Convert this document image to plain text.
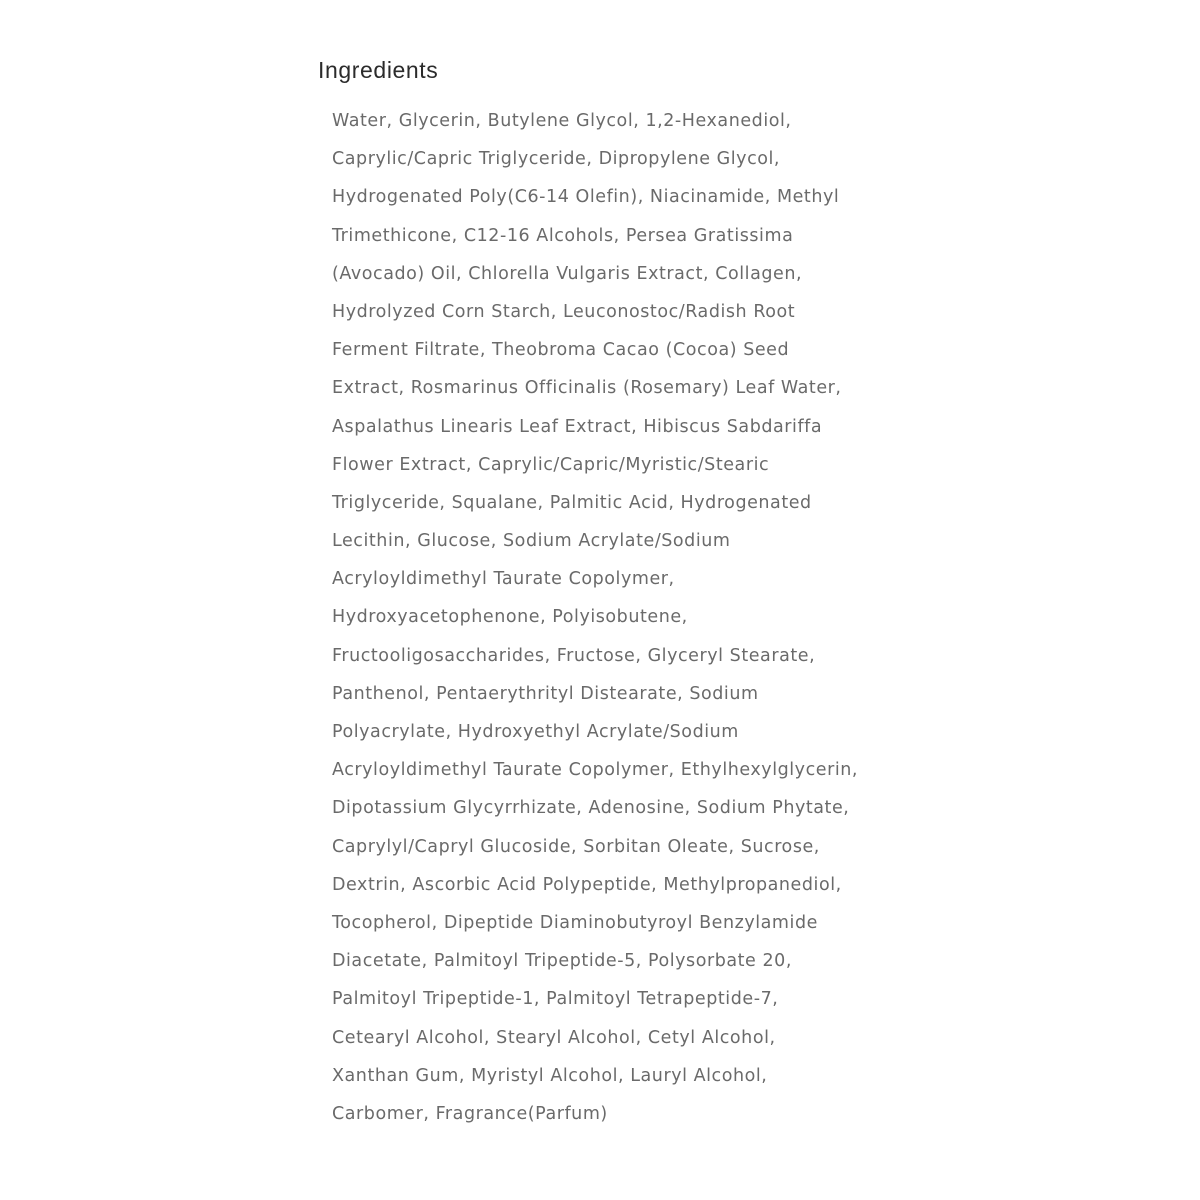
Ingredients
Water, Glycerin, Butylene Glycol, 1,2-Hexanediol,
Caprylic/Capric Triglyceride, Dipropylene Glycol,
Hydrogenated Poly(C6-14 Olefin), Niacinamide, Methyl
Trimethicone, C12-16 Alcohols, Persea Gratissima
(Avocado) Oil, Chlorella Vulgaris Extract, Collagen,
Hydrolyzed Corn Starch, Leuconostoc/Radish Root
Ferment Filtrate, Theobroma Cacao (Cocoa) Seed
Extract, Rosmarinus Officinalis (Rosemary) Leaf Water,
Aspalathus Linearis Leaf Extract, Hibiscus Sabdariffa
Flower Extract, Caprylic/Capric/Myristic/Stearic
Triglyceride, Squalane, Palmitic Acid, Hydrogenated
Lecithin, Glucose, Sodium Acrylate/Sodium
Acryloyldimethyl Taurate Copolymer,
Hydroxyacetophenone, Polyisobutene,
Fructooligosaccharides, Fructose, Glyceryl Stearate,
Panthenol, Pentaerythrityl Distearate, Sodium
Polyacrylate, Hydroxyethyl Acrylate/Sodium
Acryloyldimethyl Taurate Copolymer, Ethylhexylglycerin,
Dipotassium Glycyrrhizate, Adenosine, Sodium Phytate,
Caprylyl/Capryl Glucoside, Sorbitan Oleate, Sucrose,
Dextrin, Ascorbic Acid Polypeptide, Methylpropanediol,
Tocopherol, Dipeptide Diaminobutyroyl Benzylamide
Diacetate, Palmitoyl Tripeptide-5, Polysorbate 20,
Palmitoyl Tripeptide-1, Palmitoyl Tetrapeptide-7,
Cetearyl Alcohol, Stearyl Alcohol, Cetyl Alcohol,
Xanthan Gum, Myristyl Alcohol, Lauryl Alcohol,
Carbomer, Fragrance(Parfum)
